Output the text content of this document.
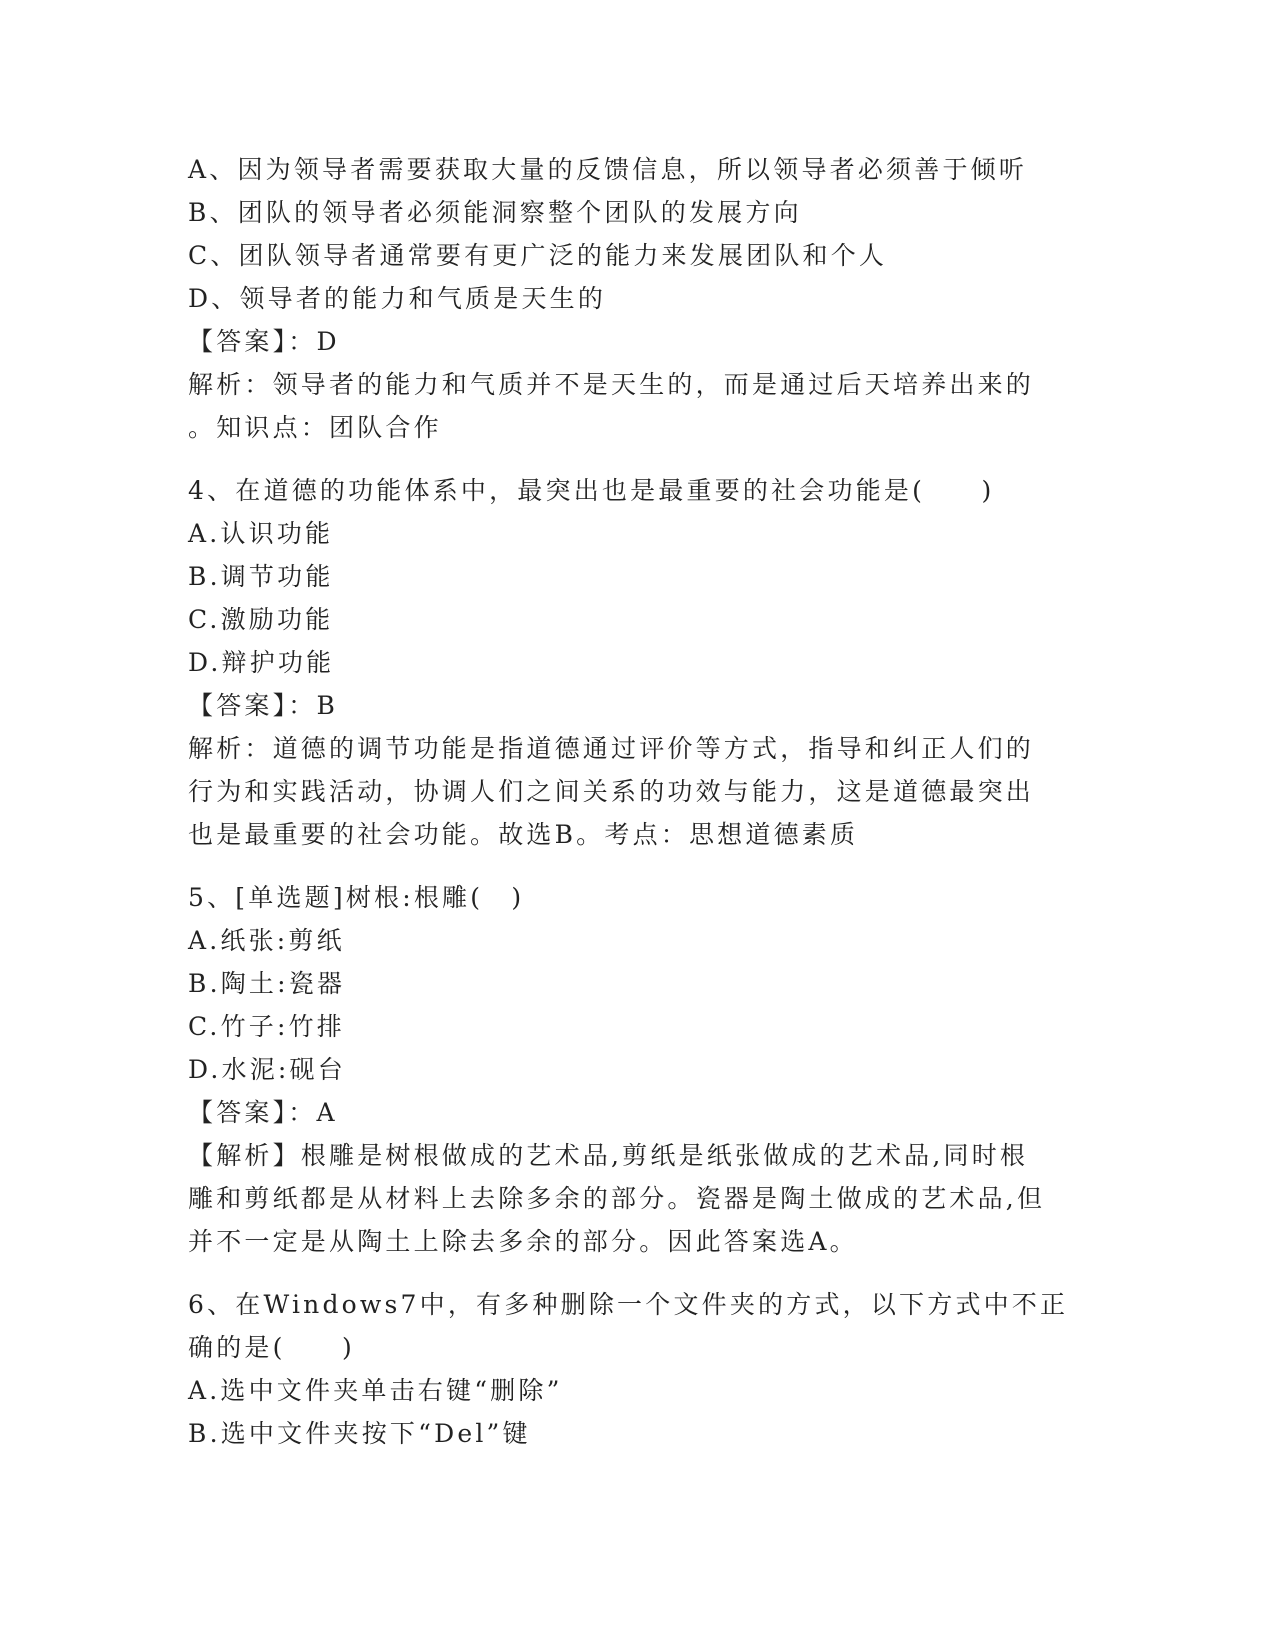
A、因为领导者需要获取大量的反馈信息，所以领导者必须善于倾听
B、团队的领导者必须能洞察整个团队的发展方向
C、团队领导者通常要有更广泛的能力来发展团队和个人
D、领导者的能力和气质是天生的
【答案】：D
解析：领导者的能力和气质并不是天生的，而是通过后天培养出来的
。知识点：团队合作
4、在道德的功能体系中，最突出也是最重要的社会功能是(　　)
A.认识功能
B.调节功能
C.激励功能
D.辩护功能
【答案】：B
解析：道德的调节功能是指道德通过评价等方式，指导和纠正人们的
行为和实践活动，协调人们之间关系的功效与能力，这是道德最突出
也是最重要的社会功能。故选B。考点：思想道德素质
5、[单选题]树根:根雕(　)
A.纸张:剪纸
B.陶土:瓷器
C.竹子:竹排
D.水泥:砚台
【答案】：A
【解析】根雕是树根做成的艺术品,剪纸是纸张做成的艺术品,同时根
雕和剪纸都是从材料上去除多余的部分。瓷器是陶土做成的艺术品,但
并不一定是从陶土上除去多余的部分。因此答案选A。
6、在Windows7中，有多种删除一个文件夹的方式，以下方式中不正
确的是(　　)
A.选中文件夹单击右键“删除”
B.选中文件夹按下“Del”键
